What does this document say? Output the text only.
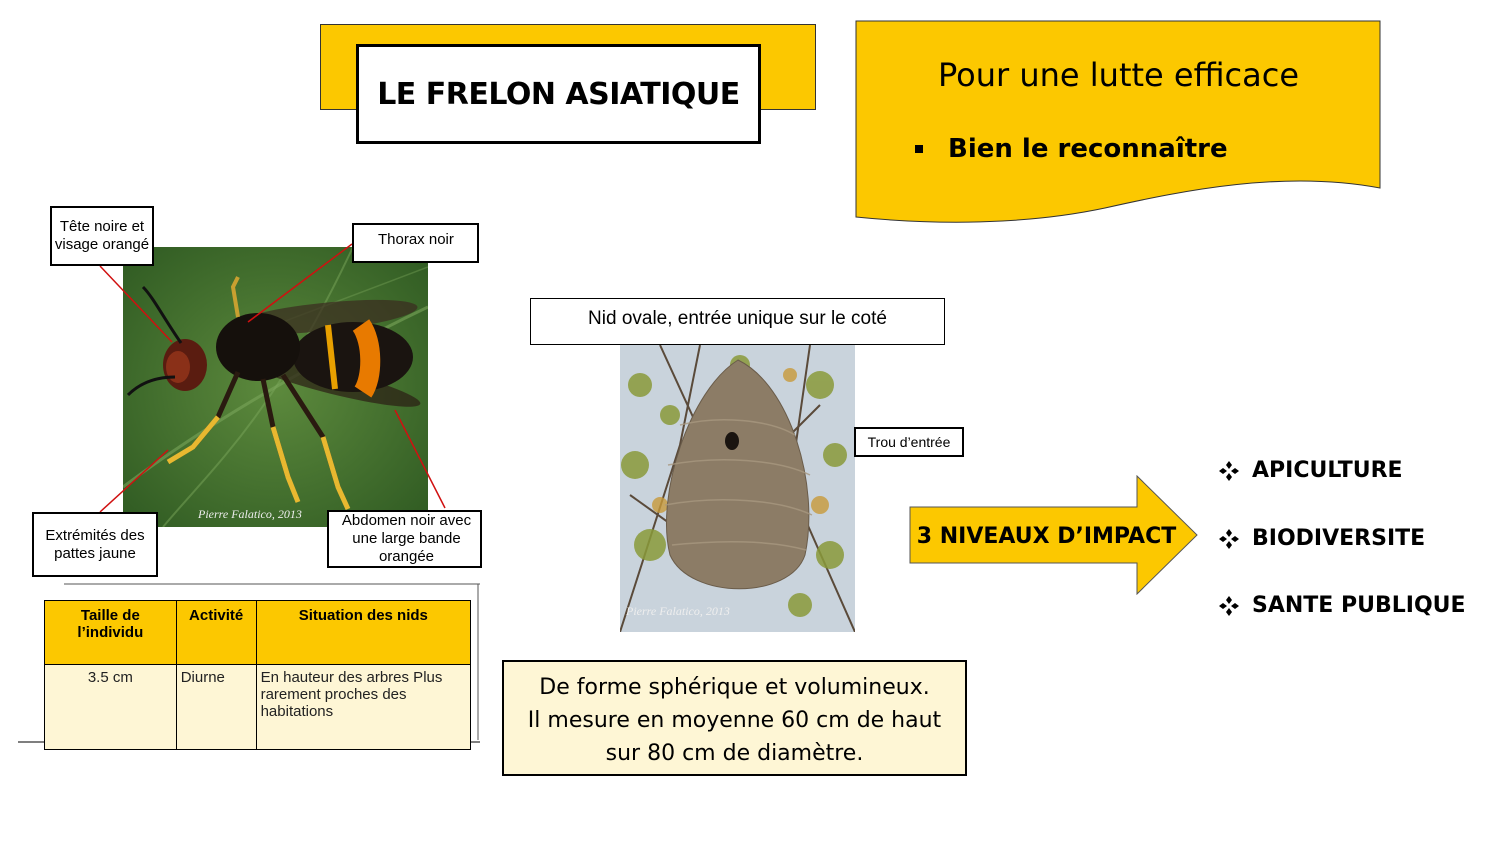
LE FRELON ASIATIQUE	Pour une lutte efficace
Bien le reconnaître
Pierre Falatico, 2013
Tête noire et visage orangé	Thorax noir
Extrémités des pattes jaune
Abdomen noir avec une large bande orangée
Taille de l’individu	Activité	Situation des nids
3.5 cm	Diurne	En hauteur des arbres Plus rarement proches des habitations
Nid ovale, entrée unique sur le coté
Trou d’entrée
Pierre Falatico, 2013
De forme sphérique et volumineux.
Il mesure en moyenne 60 cm de haut
sur 80 cm de diamètre.
3 NIVEAUX D’IMPACT
APICULTURE
BIODIVERSITE
SANTE PUBLIQUE
